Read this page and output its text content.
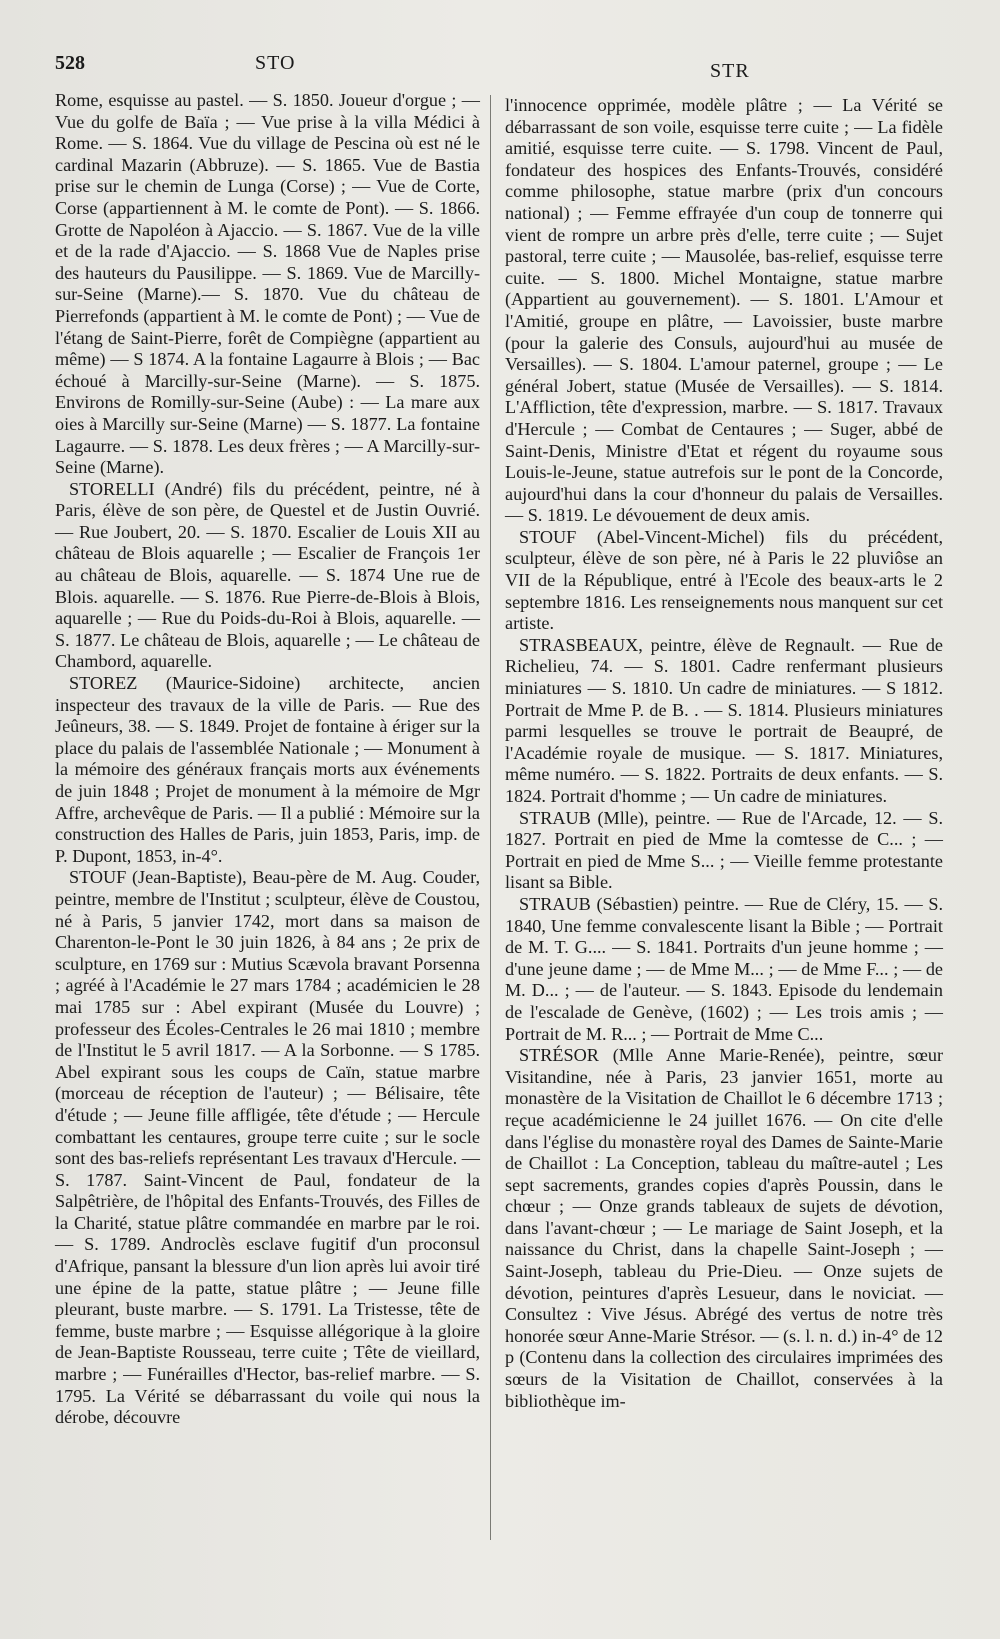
528	STO	STR

Rome, esquisse au pastel. — S. 1850. Joueur d'orgue ; — Vue du golfe de Baïa ; — Vue prise à la villa Médici à Rome. — S. 1864. Vue du village de Pescina où est né le cardinal Mazarin (Abbruze). — S. 1865. Vue de Bastia prise sur le chemin de Lunga (Corse) ; — Vue de Corte, Corse (appartiennent à M. le comte de Pont). — S. 1866. Grotte de Napoléon à Ajaccio. — S. 1867. Vue de la ville et de la rade d'Ajaccio. — S. 1868 Vue de Naples prise des hauteurs du Pausilippe. — S. 1869. Vue de Marcilly-sur-Seine (Marne).— S. 1870. Vue du château de Pierrefonds (appartient à M. le comte de Pont) ; — Vue de l'étang de Saint-Pierre, forêt de Compiègne (appartient au même) — S 1874. A la fontaine Lagaurre à Blois ; — Bac échoué à Marcilly-sur-Seine (Marne). — S. 1875. Environs de Romilly-sur-Seine (Aube) : — La mare aux oies à Marcilly sur-Seine (Marne) — S. 1877. La fontaine Lagaurre. — S. 1878. Les deux frères ; — A Marcilly-sur-Seine (Marne).

STORELLI (André) fils du précédent, peintre, né à Paris, élève de son père, de Questel et de Justin Ouvrié. — Rue Joubert, 20. — S. 1870. Escalier de Louis XII au château de Blois aquarelle ; — Escalier de François 1er au château de Blois, aquarelle. — S. 1874 Une rue de Blois. aquarelle. — S. 1876. Rue Pierre-de-Blois à Blois, aquarelle ; — Rue du Poids-du-Roi à Blois, aquarelle. — S. 1877. Le château de Blois, aquarelle ; — Le château de Chambord, aquarelle.

STOREZ (Maurice-Sidoine) architecte, ancien inspecteur des travaux de la ville de Paris. — Rue des Jeûneurs, 38. — S. 1849. Projet de fontaine à ériger sur la place du palais de l'assemblée Nationale ; — Monument à la mémoire des généraux français morts aux événements de juin 1848 ; Projet de monument à la mémoire de Mgr Affre, archevêque de Paris. — Il a publié : Mémoire sur la construction des Halles de Paris, juin 1853, Paris, imp. de P. Dupont, 1853, in-4°.

STOUF (Jean-Baptiste), Beau-père de M. Aug. Couder, peintre, membre de l'Institut ; sculpteur, élève de Coustou, né à Paris, 5 janvier 1742, mort dans sa maison de Charenton-le-Pont le 30 juin 1826, à 84 ans ; 2e prix de sculpture, en 1769 sur : Mutius Scævola bravant Porsenna ; agréé à l'Académie le 27 mars 1784 ; académicien le 28 mai 1785 sur : Abel expirant (Musée du Louvre) ; professeur des Écoles-Centrales le 26 mai 1810 ; membre de l'Institut le 5 avril 1817. — A la Sorbonne. — S 1785. Abel expirant sous les coups de Caïn, statue marbre (morceau de réception de l'auteur) ; — Bélisaire, tête d'étude ; — Jeune fille affligée, tête d'étude ; — Hercule combattant les centaures, groupe terre cuite ; sur le socle sont des bas-reliefs représentant Les travaux d'Hercule. — S. 1787. Saint-Vincent de Paul, fondateur de la Salpêtrière, de l'hôpital des Enfants-Trouvés, des Filles de la Charité, statue plâtre commandée en marbre par le roi. — S. 1789. Androclès esclave fugitif d'un proconsul d'Afrique, pansant la blessure d'un lion après lui avoir tiré une épine de la patte, statue plâtre ; — Jeune fille pleurant, buste marbre. — S. 1791. La Tristesse, tête de femme, buste marbre ; — Esquisse allégorique à la gloire de Jean-Baptiste Rousseau, terre cuite ; Tête de vieillard, marbre ; — Funérailles d'Hector, bas-relief marbre. — S. 1795. La Vérité se débarrassant du voile qui nous la dérobe, découvre

l'innocence opprimée, modèle plâtre ; — La Vérité se débarrassant de son voile, esquisse terre cuite ; — La fidèle amitié, esquisse terre cuite. — S. 1798. Vincent de Paul, fondateur des hospices des Enfants-Trouvés, considéré comme philosophe, statue marbre (prix d'un concours national) ; — Femme effrayée d'un coup de tonnerre qui vient de rompre un arbre près d'elle, terre cuite ; — Sujet pastoral, terre cuite ; — Mausolée, bas-relief, esquisse terre cuite. — S. 1800. Michel Montaigne, statue marbre (Appartient au gouvernement). — S. 1801. L'Amour et l'Amitié, groupe en plâtre, — Lavoissier, buste marbre (pour la galerie des Consuls, aujourd'hui au musée de Versailles). — S. 1804. L'amour paternel, groupe ; — Le général Jobert, statue (Musée de Versailles). — S. 1814. L'Affliction, tête d'expression, marbre. — S. 1817. Travaux d'Hercule ; — Combat de Centaures ; — Suger, abbé de Saint-Denis, Ministre d'Etat et régent du royaume sous Louis-le-Jeune, statue autrefois sur le pont de la Concorde, aujourd'hui dans la cour d'honneur du palais de Versailles. — S. 1819. Le dévouement de deux amis.

STOUF (Abel-Vincent-Michel) fils du précédent, sculpteur, élève de son père, né à Paris le 22 pluviôse an VII de la République, entré à l'Ecole des beaux-arts le 2 septembre 1816. Les renseignements nous manquent sur cet artiste.

STRASBEAUX, peintre, élève de Regnault. — Rue de Richelieu, 74. — S. 1801. Cadre renfermant plusieurs miniatures — S. 1810. Un cadre de miniatures. — S 1812. Portrait de Mme P. de B. . — S. 1814. Plusieurs miniatures parmi lesquelles se trouve le portrait de Beaupré, de l'Académie royale de musique. — S. 1817. Miniatures, même numéro. — S. 1822. Portraits de deux enfants. — S. 1824. Portrait d'homme ; — Un cadre de miniatures.

STRAUB (Mlle), peintre. — Rue de l'Arcade, 12. — S. 1827. Portrait en pied de Mme la comtesse de C... ; — Portrait en pied de Mme S... ; — Vieille femme protestante lisant sa Bible.

STRAUB (Sébastien) peintre. — Rue de Cléry, 15. — S. 1840, Une femme convalescente lisant la Bible ; — Portrait de M. T. G.... — S. 1841. Portraits d'un jeune homme ; — d'une jeune dame ; — de Mme M... ; — de Mme F... ; — de M. D... ; — de l'auteur. — S. 1843. Episode du lendemain de l'escalade de Genève, (1602) ; — Les trois amis ; — Portrait de M. R... ; — Portrait de Mme C...

STRÉSOR (Mlle Anne Marie-Renée), peintre, sœur Visitandine, née à Paris, 23 janvier 1651, morte au monastère de la Visitation de Chaillot le 6 décembre 1713 ; reçue académicienne le 24 juillet 1676. — On cite d'elle dans l'église du monastère royal des Dames de Sainte-Marie de Chaillot : La Conception, tableau du maître-autel ; Les sept sacrements, grandes copies d'après Poussin, dans le chœur ; — Onze grands tableaux de sujets de dévotion, dans l'avant-chœur ; — Le mariage de Saint Joseph, et la naissance du Christ, dans la chapelle Saint-Joseph ; — Saint-Joseph, tableau du Prie-Dieu. — Onze sujets de dévotion, peintures d'après Lesueur, dans le noviciat. — Consultez : Vive Jésus. Abrégé des vertus de notre très honorée sœur Anne-Marie Strésor. — (s. l. n. d.) in-4° de 12 p (Contenu dans la collection des circulaires imprimées des sœurs de la Visitation de Chaillot, conservées à la bibliothèque im-
